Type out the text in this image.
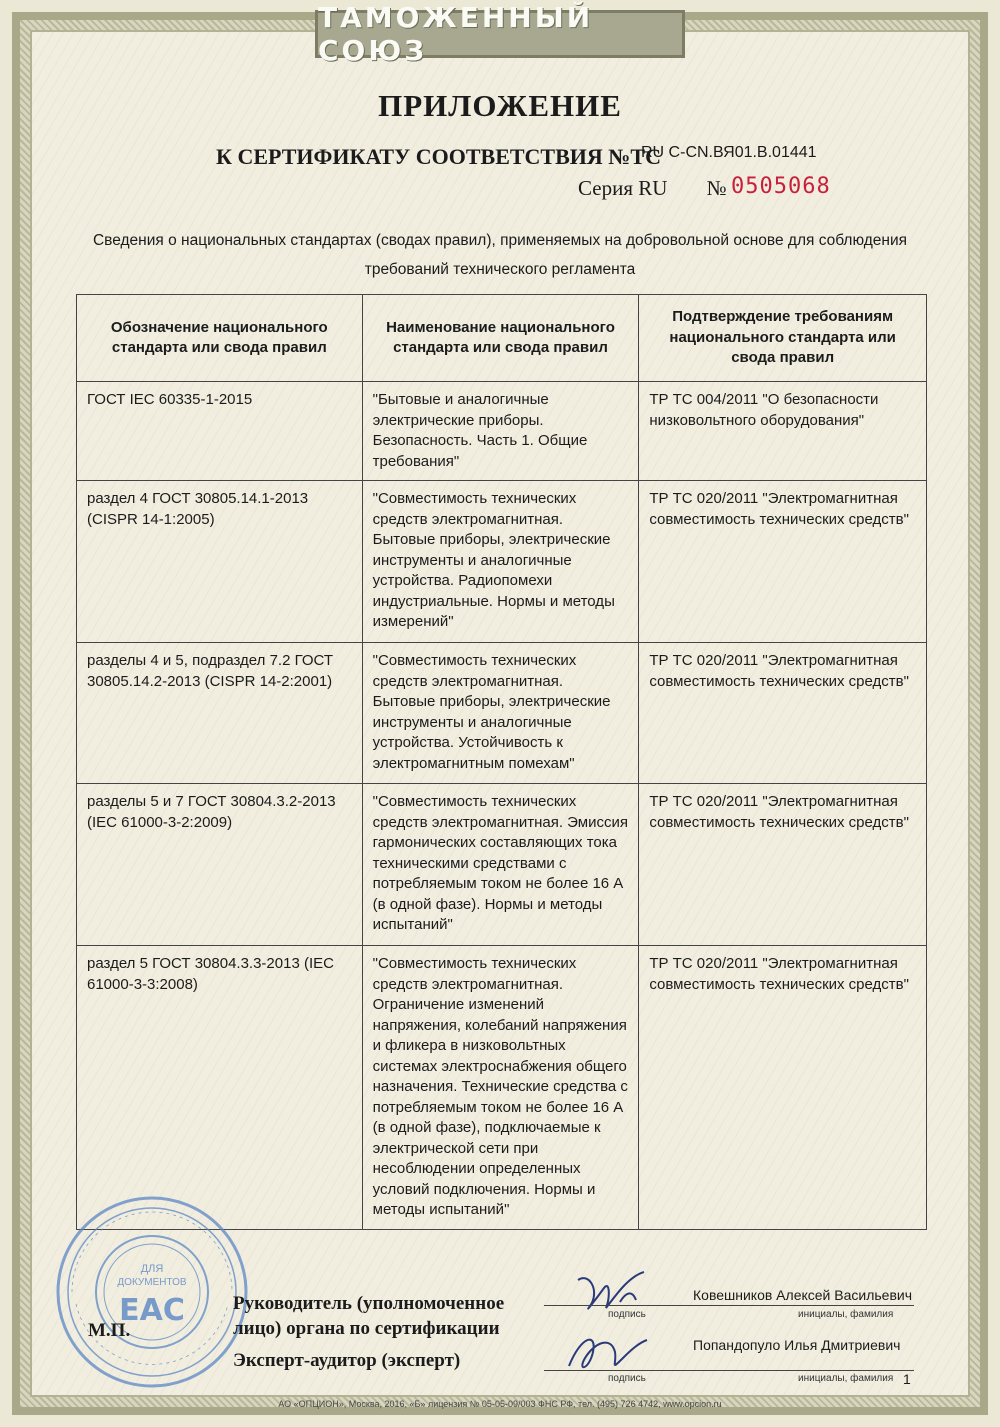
ТАМОЖЕННЫЙ СОЮЗ
ПРИЛОЖЕНИЕ
К СЕРТИФИКАТУ СООТВЕТСТВИЯ №ТС
RU C-CN.ВЯ01.В.01441
Серия RU № 0505068
Сведения о национальных стандартах (сводах правил), применяемых на добровольной основе для соблюдения
требований технического регламента
Обозначение национального стандарта или свода правил	Наименование национального стандарта или свода правил	Подтверждение требованиям национального стандарта или свода правил
ГОСТ IEC 60335-1-2015	"Бытовые и аналогичные электрические приборы. Безопасность. Часть 1. Общие требования"	ТР ТС 004/2011 "О безопасности низковольтного оборудования"
раздел 4 ГОСТ 30805.14.1-2013 (CISPR 14-1:2005)	"Совместимость технических средств электромагнитная. Бытовые приборы, электрические инструменты и аналогичные устройства. Радиопомехи индустриальные. Нормы и методы измерений"	ТР ТС 020/2011 "Электромагнитная совместимость технических средств"
разделы 4 и 5, подраздел 7.2 ГОСТ 30805.14.2-2013 (CISPR 14-2:2001)	"Совместимость технических средств электромагнитная. Бытовые приборы, электрические инструменты и аналогичные устройства. Устойчивость к электромагнитным помехам"	ТР ТС 020/2011 "Электромагнитная совместимость технических средств"
разделы 5 и 7 ГОСТ 30804.3.2-2013 (IEC 61000-3-2:2009)	"Совместимость технических средств электромагнитная. Эмиссия гармонических составляющих тока техническими средствами с потребляемым током не более 16 А (в одной фазе). Нормы и методы испытаний"	ТР ТС 020/2011 "Электромагнитная совместимость технических средств"
раздел 5 ГОСТ 30804.3.3-2013 (IEC 61000-3-3:2008)	"Совместимость технических средств электромагнитная. Ограничение изменений напряжения, колебаний напряжения и фликера в низковольтных системах электроснабжения общего назначения. Технические средства с потребляемым током не более 16 А (в одной фазе), подключаемые к электрической сети при несоблюдении определенных условий подключения. Нормы и методы испытаний"	ТР ТС 020/2011 "Электромагнитная совместимость технических средств"
ДЛЯ
ДОКУМЕНТОВ
EAC
М.П.
Руководитель (уполномоченное
лицо) органа по сертификации
Эксперт-аудитор (эксперт)
Ковешников Алексей Васильевич
подпись	инициалы, фамилия
Попандопуло Илья Дмитриевич
подпись	инициалы, фамилия 1
АО «ОПЦИОН», Москва, 2016, «Б» лицензия № 05-05-09/003 ФНС РФ, тел. (495) 726 4742, www.opcion.ru
